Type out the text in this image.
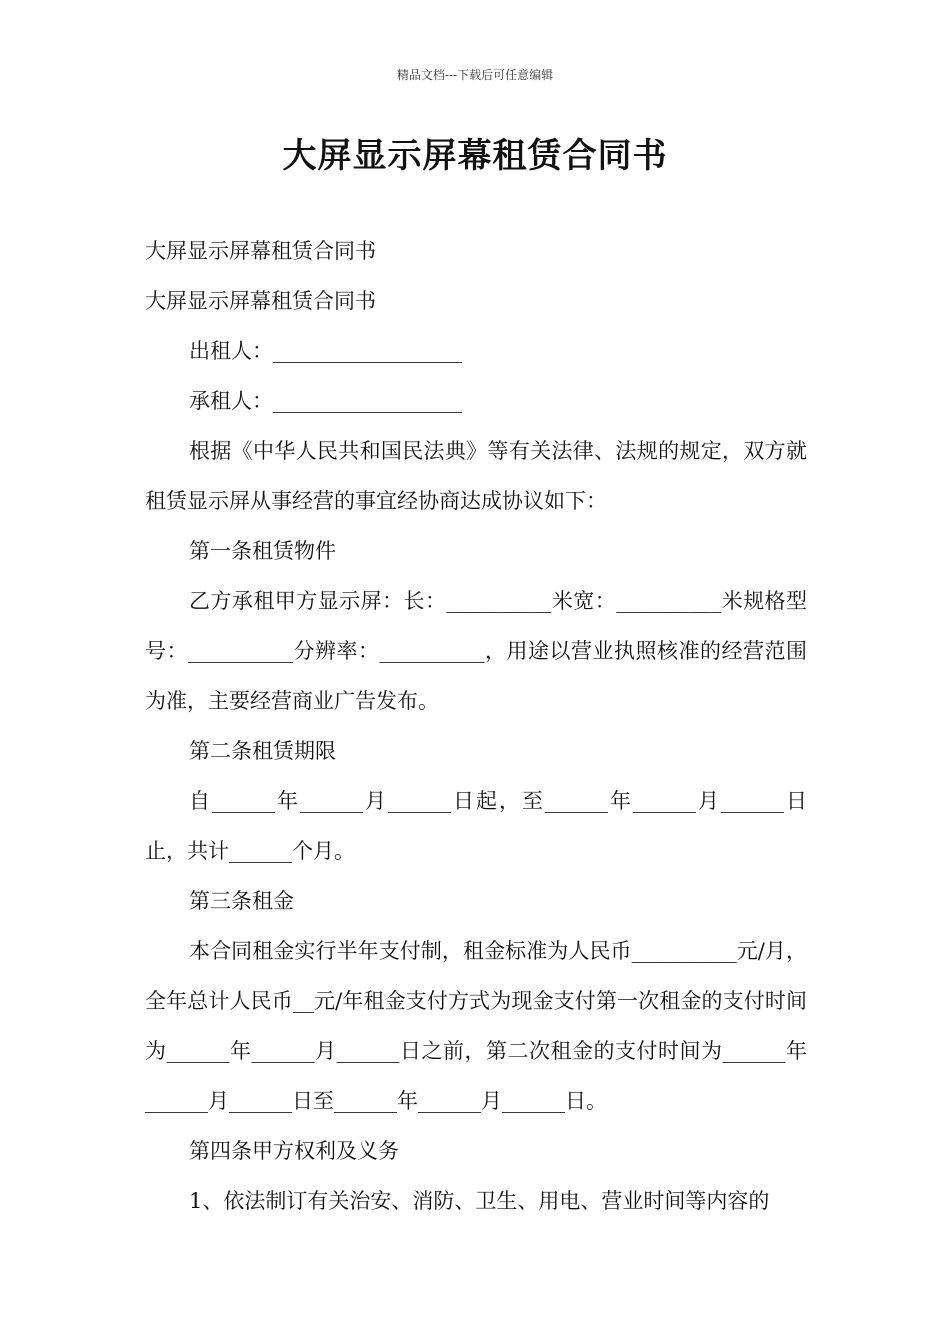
精品文档---下载后可任意编辑
大屏显示屏幕租赁合同书

大屏显示屏幕租赁合同书

大屏显示屏幕租赁合同书

出租人：__________________

承租人：__________________

根据《中华人民共和国民法典》等有关法律、法规的规定，双方就租赁显示屏从事经营的事宜经协商达成协议如下：

第一条租赁物件

乙方承租甲方显示屏：长：__________米宽：__________米规格型号：__________分辨率：__________，用途以营业执照核准的经营范围为准，主要经营商业广告发布。

第二条租赁期限

自______年______月______日起，至______年______月______日止，共计______个月。

第三条租金

本合同租金实行半年支付制，租金标准为人民币__________元/月，全年总计人民币__元/年租金支付方式为现金支付第一次租金的支付时间为______年______月______日之前，第二次租金的支付时间为______年______月______日至______年______月______日。

第四条甲方权利及义务

1、依法制订有关治安、消防、卫生、用电、营业时间等内容的
